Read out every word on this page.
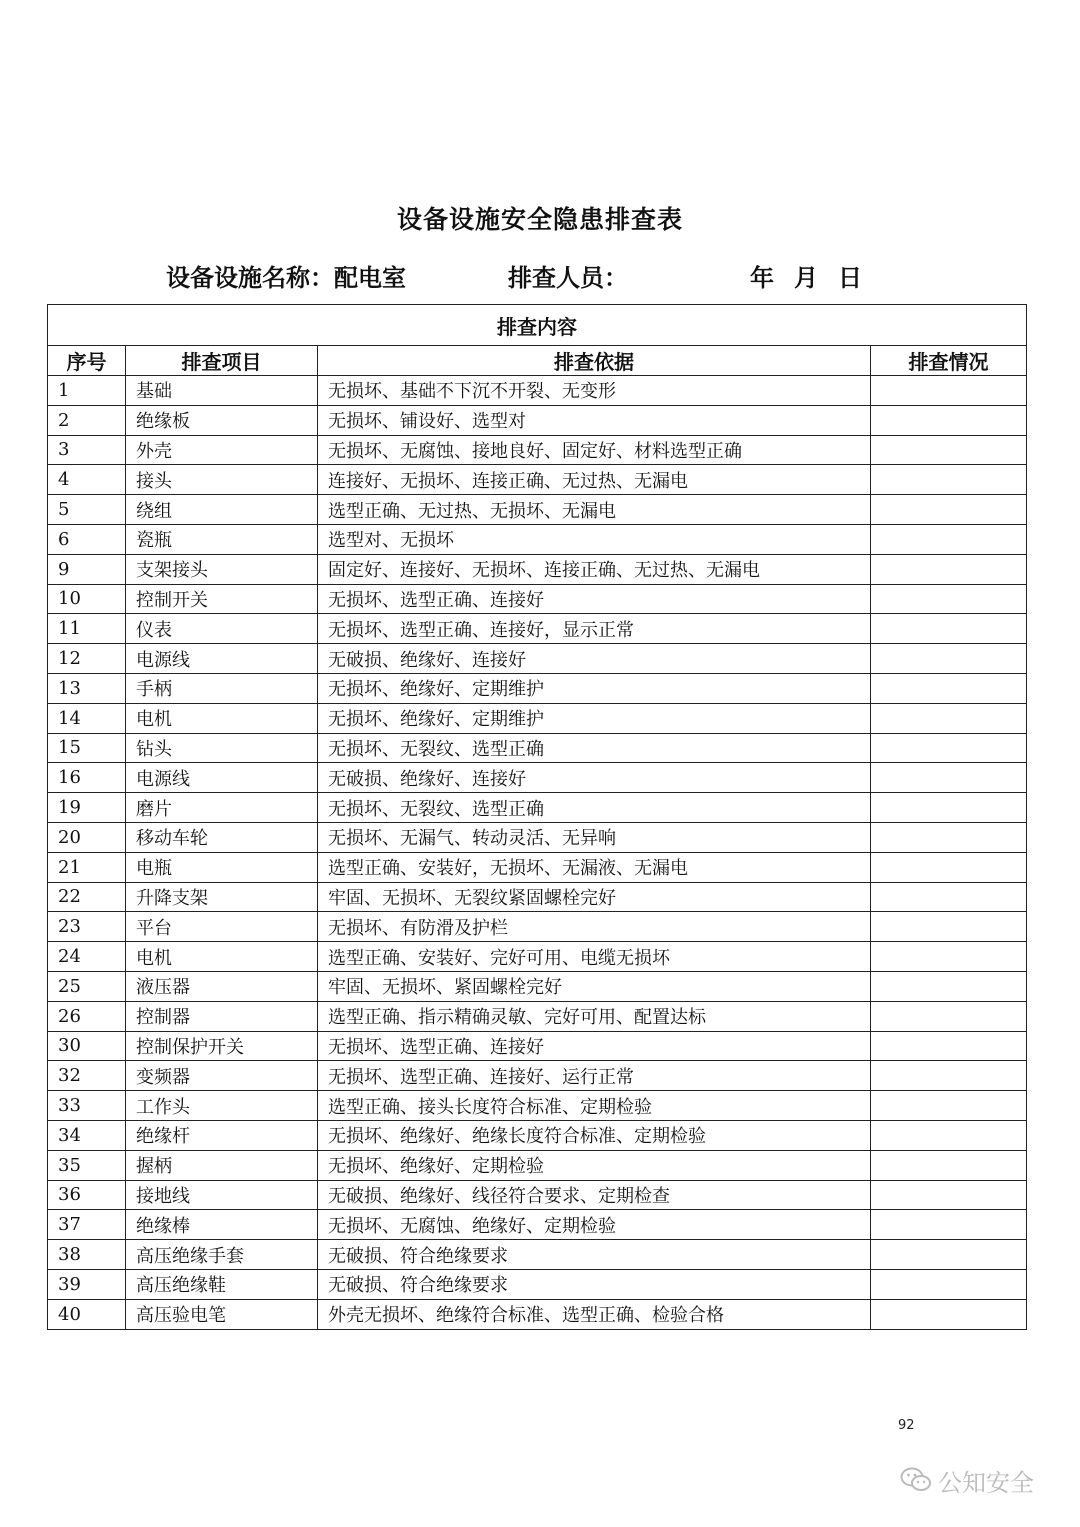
设备设施安全隐患排查表
设备设施名称：配电室	排查人员：	年 月 日
排查内容			
序号	排查项目	排查依据	排查情况
1	基础	无损坏、基础不下沉不开裂、无变形	
2	绝缘板	无损坏、铺设好、选型对	
3	外壳	无损坏、无腐蚀、接地良好、固定好、材料选型正确	
4	接头	连接好、无损坏、连接正确、无过热、无漏电	
5	绕组	选型正确、无过热、无损坏、无漏电	
6	瓷瓶	选型对、无损坏	
9	支架接头	固定好、连接好、无损坏、连接正确、无过热、无漏电	
10	控制开关	无损坏、选型正确、连接好	
11	仪表	无损坏、选型正确、连接好，显示正常	
12	电源线	无破损、绝缘好、连接好	
13	手柄	无损坏、绝缘好、定期维护	
14	电机	无损坏、绝缘好、定期维护	
15	钻头	无损坏、无裂纹、选型正确	
16	电源线	无破损、绝缘好、连接好	
19	磨片	无损坏、无裂纹、选型正确	
20	移动车轮	无损坏、无漏气、转动灵活、无异响	
21	电瓶	选型正确、安装好，无损坏、无漏液、无漏电	
22	升降支架	牢固、无损坏、无裂纹紧固螺栓完好	
23	平台	无损坏、有防滑及护栏	
24	电机	选型正确、安装好、完好可用、电缆无损坏	
25	液压器	牢固、无损坏、紧固螺栓完好	
26	控制器	选型正确、指示精确灵敏、完好可用、配置达标	
30	控制保护开关	无损坏、选型正确、连接好	
32	变频器	无损坏、选型正确、连接好、运行正常	
33	工作头	选型正确、接头长度符合标准、定期检验	
34	绝缘杆	无损坏、绝缘好、绝缘长度符合标准、定期检验	
35	握柄	无损坏、绝缘好、定期检验	
36	接地线	无破损、绝缘好、线径符合要求、定期检查	
37	绝缘棒	无损坏、无腐蚀、绝缘好、定期检验	
38	高压绝缘手套	无破损、符合绝缘要求	
39	高压绝缘鞋	无破损、符合绝缘要求	
40	高压验电笔	外壳无损坏、绝缘符合标准、选型正确、检验合格	
92
公知安全
